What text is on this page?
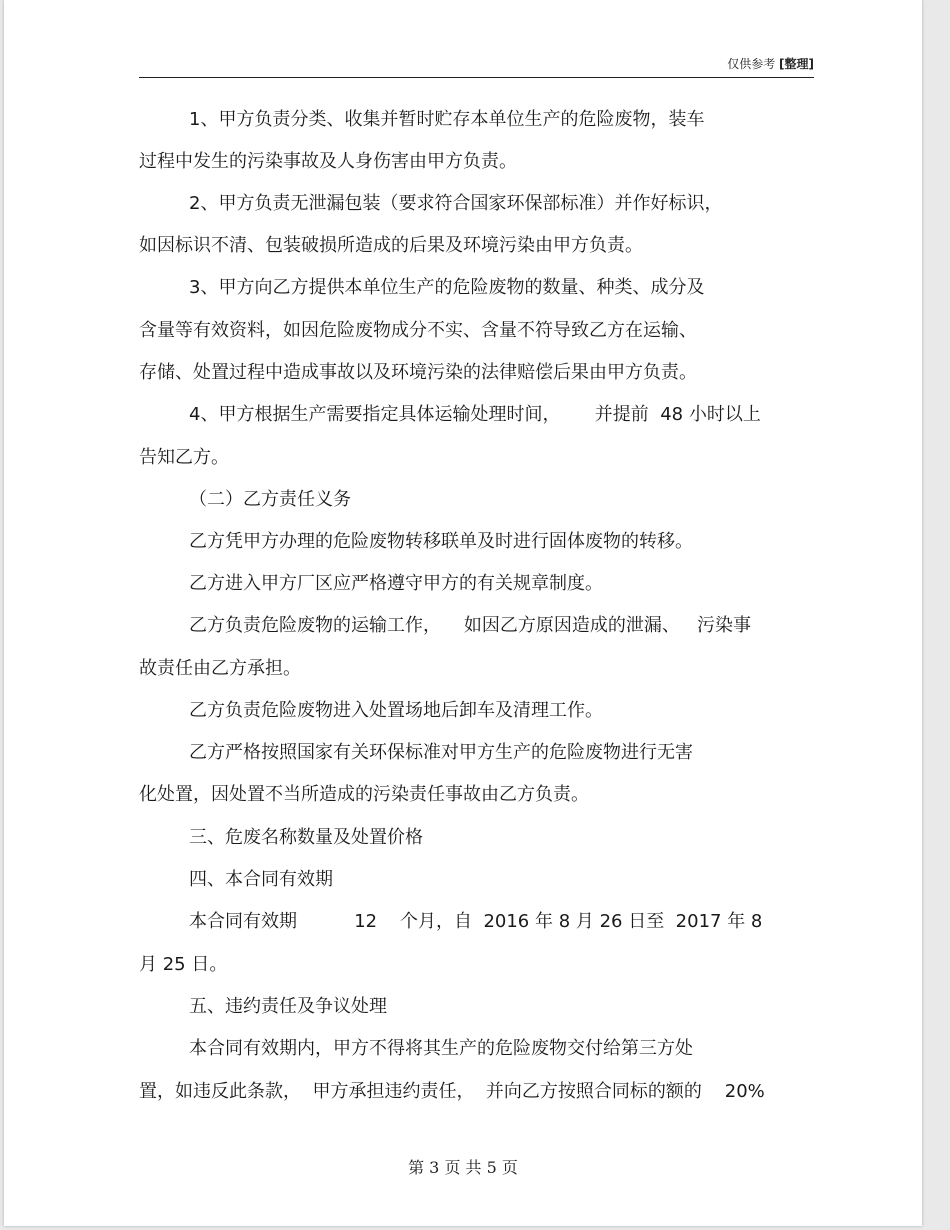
仅供参考 [整理]
1、甲方负责分类、收集并暂时贮存本单位生产的危险废物，装车
过程中发生的污染事故及人身伤害由甲方负责。
2、甲方负责无泄漏包装（要求符合国家环保部标准）并作好标识，
如因标识不清、包装破损所造成的后果及环境污染由甲方负责。
3、甲方向乙方提供本单位生产的危险废物的数量、种类、成分及
含量等有效资料，如因危险废物成分不实、含量不符导致乙方在运输、
存储、处置过程中造成事故以及环境污染的法律赔偿后果由甲方负责。
4、甲方根据生产需要指定具体运输处理时间，      并提前  48 小时以上
告知乙方。
（二）乙方责任义务
乙方凭甲方办理的危险废物转移联单及时进行固体废物的转移。
乙方进入甲方厂区应严格遵守甲方的有关规章制度。
乙方负责危险废物的运输工作，    如因乙方原因造成的泄漏、   污染事
故责任由乙方承担。
乙方负责危险废物进入处置场地后卸车及清理工作。
乙方严格按照国家有关环保标准对甲方生产的危险废物进行无害
化处置，因处置不当所造成的污染责任事故由乙方负责。
三、危废名称数量及处置价格
四、本合同有效期
本合同有效期          12    个月，自  2016 年 8 月 26 日至  2017 年 8
月 25 日。
五、违约责任及争议处理
本合同有效期内，甲方不得将其生产的危险废物交付给第三方处
置，如违反此条款，  甲方承担违约责任，  并向乙方按照合同标的额的    20%
第 3 页 共 5 页
